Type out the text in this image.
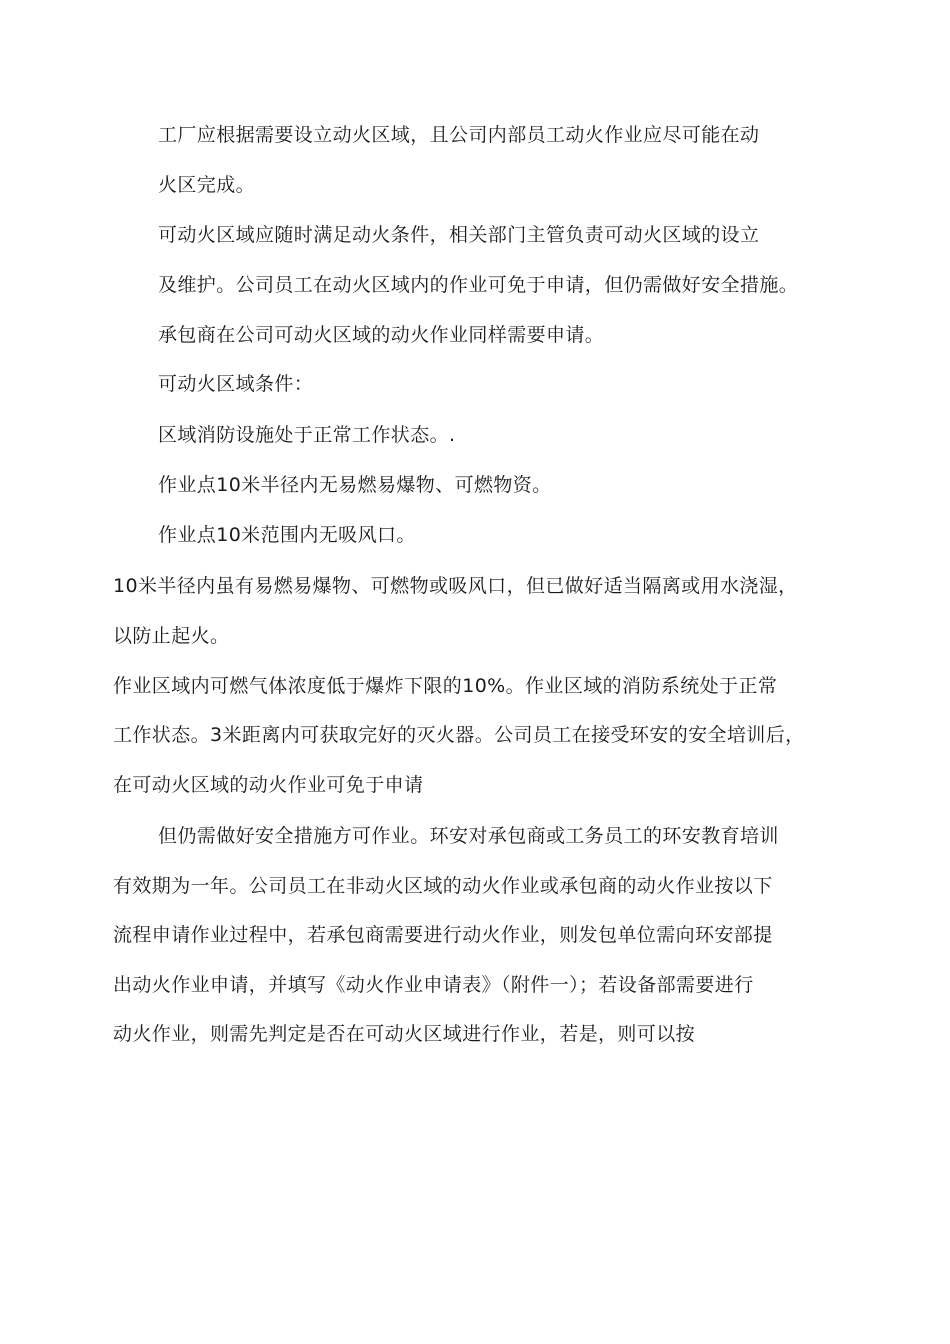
工厂应根据需要设立动火区域，且公司内部员工动火作业应尽可能在动
火区完成。
可动火区域应随时满足动火条件，相关部门主管负责可动火区域的设立
及维护。公司员工在动火区域内的作业可免于申请，但仍需做好安全措施。
承包商在公司可动火区域的动火作业同样需要申请。
可动火区域条件：
区域消防设施处于正常工作状态。.
作业点10米半径内无易燃易爆物、可燃物资。
作业点10米范围内无吸风口。
10米半径内虽有易燃易爆物、可燃物或吸风口，但已做好适当隔离或用水浇湿，
以防止起火。
作业区域内可燃气体浓度低于爆炸下限的10%。作业区域的消防系统处于正常
工作状态。3米距离内可获取完好的灭火器。公司员工在接受环安的安全培训后，
在可动火区域的动火作业可免于申请
但仍需做好安全措施方可作业。环安对承包商或工务员工的环安教育培训
有效期为一年。公司员工在非动火区域的动火作业或承包商的动火作业按以下
流程申请作业过程中，若承包商需要进行动火作业，则发包单位需向环安部提
出动火作业申请，并填写《动火作业申请表》（附件一）；若设备部需要进行
动火作业，则需先判定是否在可动火区域进行作业，若是，则可以按
